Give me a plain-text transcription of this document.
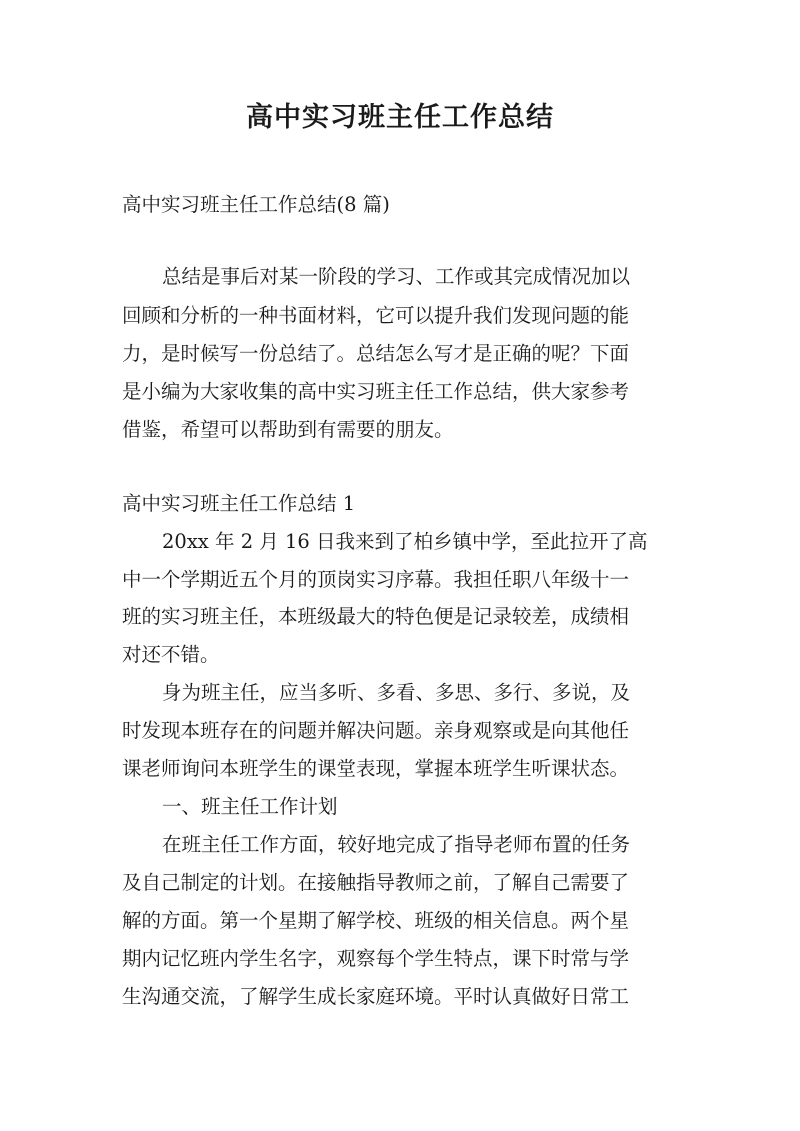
高中实习班主任工作总结

高中实习班主任工作总结(8 篇)

总结是事后对某一阶段的学习、工作或其完成情况加以

回顾和分析的一种书面材料，它可以提升我们发现问题的能

力，是时候写一份总结了。总结怎么写才是正确的呢？下面

是小编为大家收集的高中实习班主任工作总结，供大家参考

借鉴，希望可以帮助到有需要的朋友。

高中实习班主任工作总结 1

20xx 年 2 月 16 日我来到了柏乡镇中学，至此拉开了高

中一个学期近五个月的顶岗实习序幕。我担任职八年级十一

班的实习班主任，本班级最大的特色便是记录较差，成绩相

对还不错。

身为班主任，应当多听、多看、多思、多行、多说，及

时发现本班存在的问题并解决问题。亲身观察或是向其他任

课老师询问本班学生的课堂表现，掌握本班学生听课状态。

一、班主任工作计划

在班主任工作方面，较好地完成了指导老师布置的任务

及自己制定的计划。在接触指导教师之前，了解自己需要了

解的方面。第一个星期了解学校、班级的相关信息。两个星

期内记忆班内学生名字，观察每个学生特点，课下时常与学

生沟通交流，了解学生成长家庭环境。平时认真做好日常工
